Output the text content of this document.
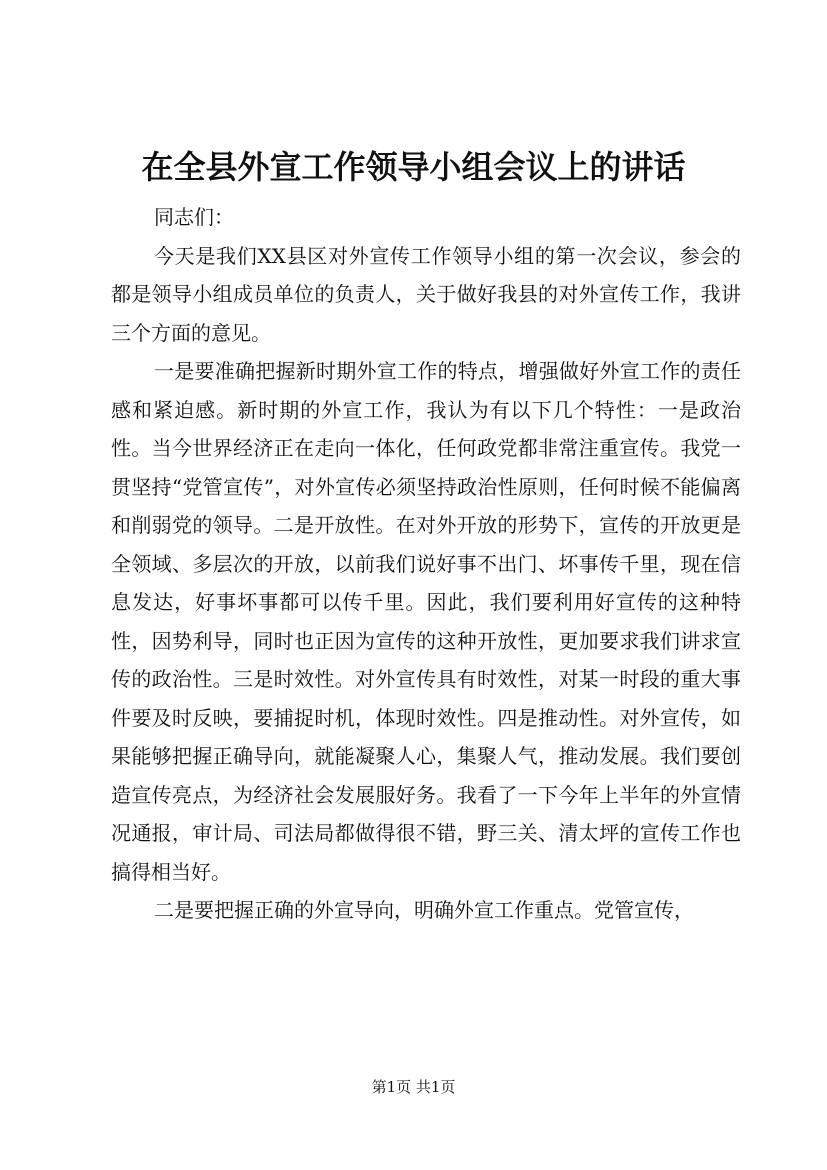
在全县外宣工作领导小组会议上的讲话

同志们：

今天是我们XX县区对外宣传工作领导小组的第一次会议，参会的都是领导小组成员单位的负责人，关于做好我县的对外宣传工作，我讲三个方面的意见。

一是要准确把握新时期外宣工作的特点，增强做好外宣工作的责任感和紧迫感。新时期的外宣工作，我认为有以下几个特性：一是政治性。当今世界经济正在走向一体化，任何政党都非常注重宣传。我党一贯坚持“党管宣传”，对外宣传必须坚持政治性原则，任何时候不能偏离和削弱党的领导。二是开放性。在对外开放的形势下，宣传的开放更是全领域、多层次的开放，以前我们说好事不出门、坏事传千里，现在信息发达，好事坏事都可以传千里。因此，我们要利用好宣传的这种特性，因势利导，同时也正因为宣传的这种开放性，更加要求我们讲求宣传的政治性。三是时效性。对外宣传具有时效性，对某一时段的重大事件要及时反映，要捕捉时机，体现时效性。四是推动性。对外宣传，如果能够把握正确导向，就能凝聚人心，集聚人气，推动发展。我们要创造宣传亮点，为经济社会发展服好务。我看了一下今年上半年的外宣情况通报，审计局、司法局都做得很不错，野三关、清太坪的宣传工作也搞得相当好。

二是要把握正确的外宣导向，明确外宣工作重点。党管宣传，

第1页 共1页
